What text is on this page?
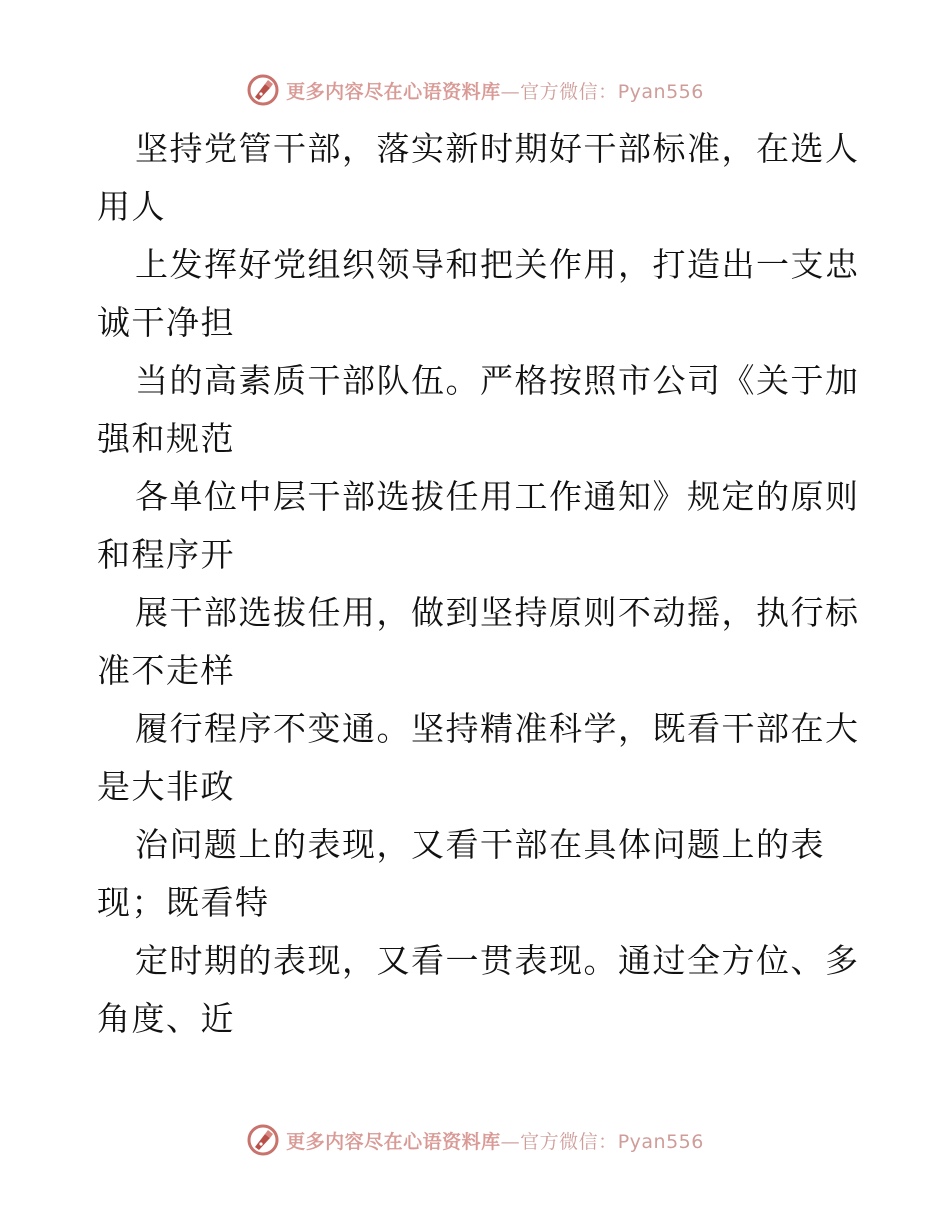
更多内容尽在心语资料库—官方微信：Pyan556
坚持党管干部，落实新时期好干部标准，在选人
用人
上发挥好党组织领导和把关作用，打造出一支忠
诚干净担
当的高素质干部队伍。严格按照市公司《关于加
强和规范
各单位中层干部选拔任用工作通知》规定的原则
和程序开
展干部选拔任用，做到坚持原则不动摇，执行标
准不走样
履行程序不变通。坚持精准科学，既看干部在大
是大非政
治问题上的表现，又看干部在具体问题上的表
现；既看特
定时期的表现，又看一贯表现。通过全方位、多
角度、近
更多内容尽在心语资料库—官方微信：Pyan556
